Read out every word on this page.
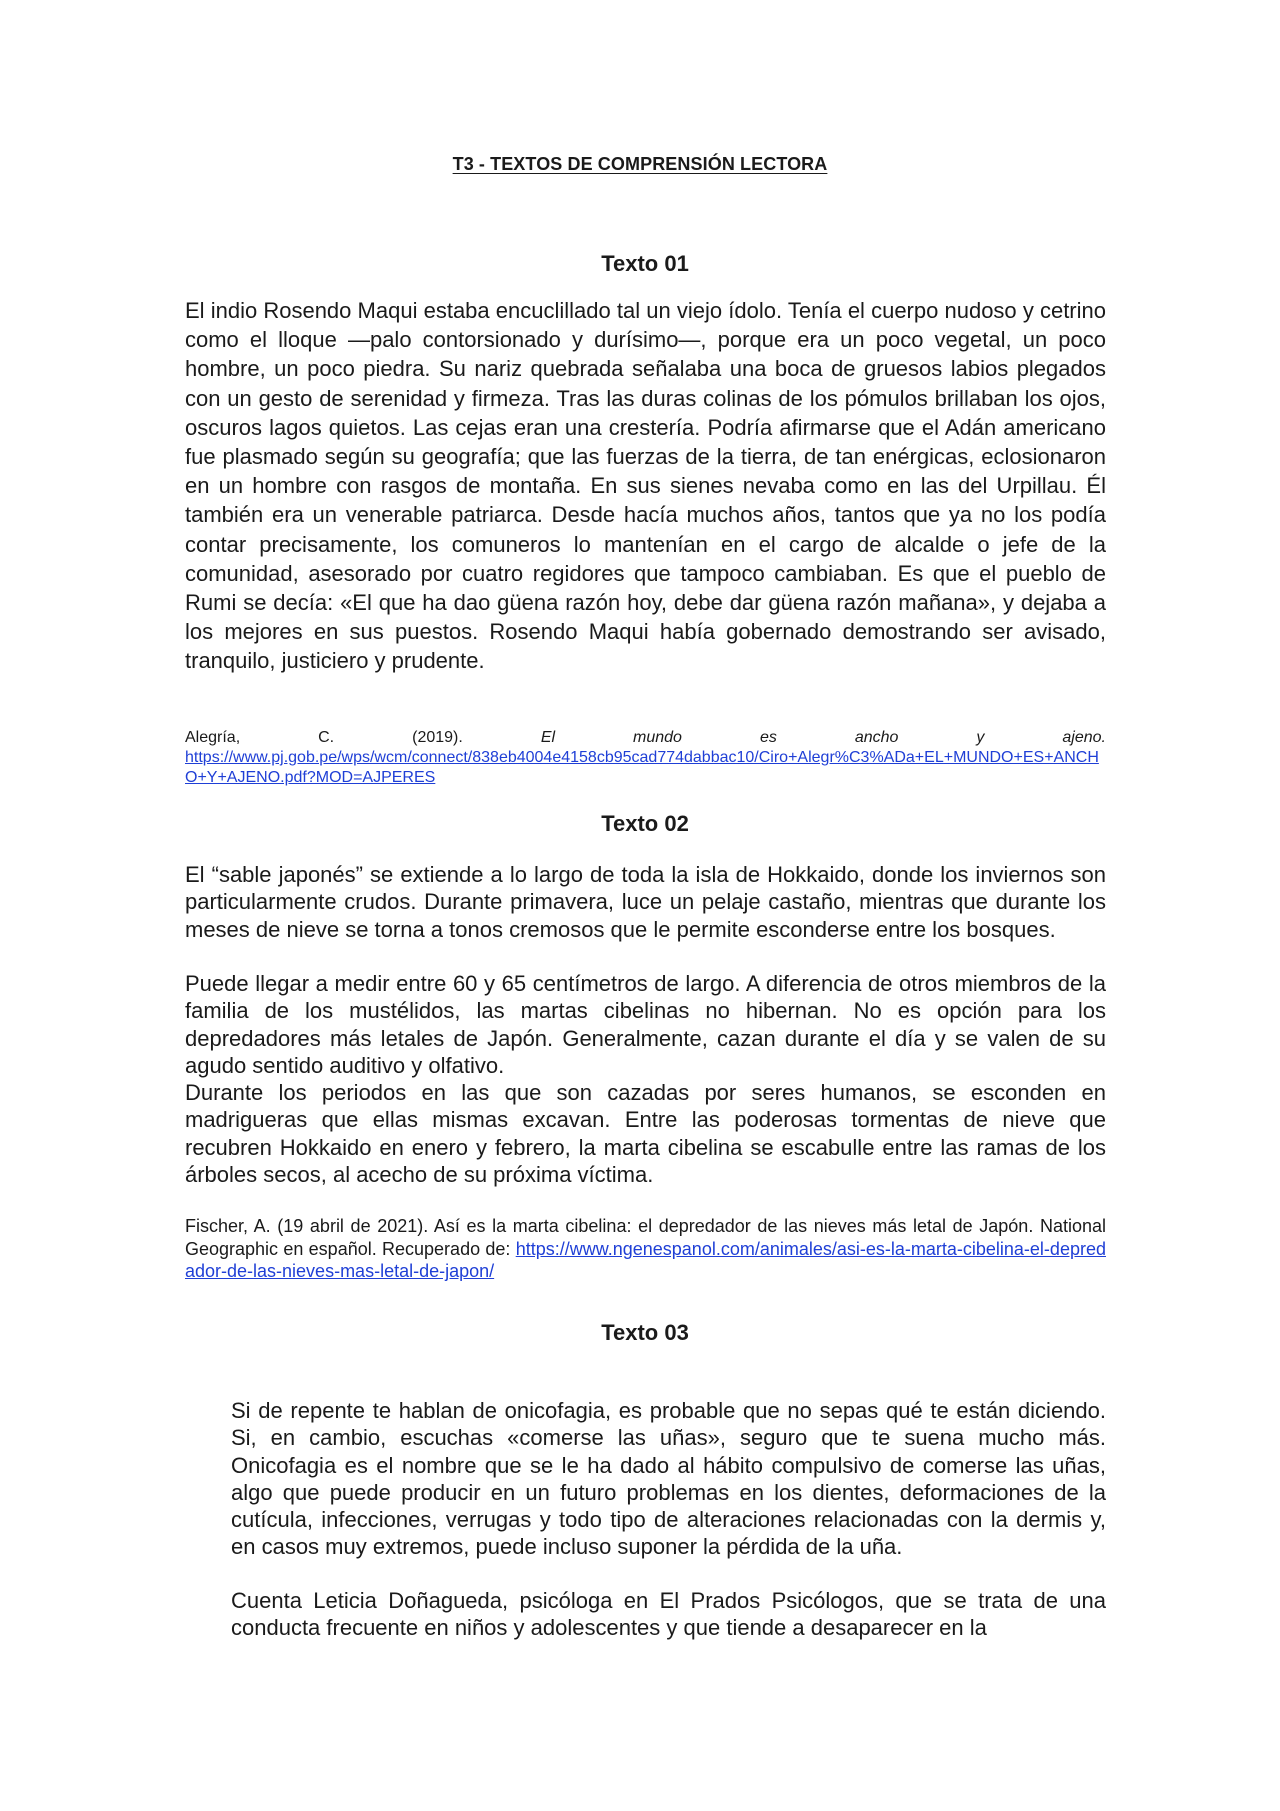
T3 - TEXTOS DE COMPRENSIÓN LECTORA
Texto 01

El indio Rosendo Maqui estaba encuclillado tal un viejo ídolo. Tenía el cuerpo nudoso y cetrino como el lloque —palo contorsionado y durísimo—, porque era un poco vegetal, un poco hombre, un poco piedra. Su nariz quebrada señalaba una boca de gruesos labios plegados con un gesto de serenidad y firmeza. Tras las duras colinas de los pómulos brillaban los ojos, oscuros lagos quietos. Las cejas eran una crestería. Podría afirmarse que el Adán americano fue plasmado según su geografía; que las fuerzas de la tierra, de tan enérgicas, eclosionaron en un hombre con rasgos de montaña. En sus sienes nevaba como en las del Urpillau. Él también era un venerable patriarca. Desde hacía muchos años, tantos que ya no los podía contar precisamente, los comuneros lo mantenían en el cargo de alcalde o jefe de la comunidad, asesorado por cuatro regidores que tampoco cambiaban. Es que el pueblo de Rumi se decía: «El que ha dao güena razón hoy, debe dar güena razón mañana», y dejaba a los mejores en sus puestos. Rosendo Maqui había gobernado demostrando ser avisado, tranquilo, justiciero y prudente.

Alegría, C. (2019). El mundo es ancho y ajeno.
https://www.pj.gob.pe/wps/wcm/connect/838eb4004e4158cb95cad774dabbac10/Ciro+Alegr%C3%ADa+EL+MUNDO+ES+ANCHO+Y+AJENO.pdf?MOD=AJPERES
Texto 02

El “sable japonés” se extiende a lo largo de toda la isla de Hokkaido, donde los inviernos son particularmente crudos. Durante primavera, luce un pelaje castaño, mientras que durante los meses de nieve se torna a tonos cremosos que le permite esconderse entre los bosques.

Puede llegar a medir entre 60 y 65 centímetros de largo. A diferencia de otros miembros de la familia de los mustélidos, las martas cibelinas no hibernan. No es opción para los depredadores más letales de Japón. Generalmente, cazan durante el día y se valen de su agudo sentido auditivo y olfativo.

Durante los periodos en las que son cazadas por seres humanos, se esconden en madrigueras que ellas mismas excavan. Entre las poderosas tormentas de nieve que recubren Hokkaido en enero y febrero, la marta cibelina se escabulle entre las ramas de los árboles secos, al acecho de su próxima víctima.

Fischer, A. (19 abril de 2021). Así es la marta cibelina: el depredador de las nieves más letal de Japón. National Geographic en español. Recuperado de: https://www.ngenespanol.com/animales/asi-es-la-marta-cibelina-el-depredador-de-las-nieves-mas-letal-de-japon/
Texto 03

Si de repente te hablan de onicofagia, es probable que no sepas qué te están diciendo. Si, en cambio, escuchas «comerse las uñas», seguro que te suena mucho más. Onicofagia es el nombre que se le ha dado al hábito compulsivo de comerse las uñas, algo que puede producir en un futuro problemas en los dientes, deformaciones de la cutícula, infecciones, verrugas y todo tipo de alteraciones relacionadas con la dermis y, en casos muy extremos, puede incluso suponer la pérdida de la uña.

Cuenta Leticia Doñagueda, psicóloga en El Prados Psicólogos, que se trata de una conducta frecuente en niños y adolescentes y que tiende a desaparecer en la
